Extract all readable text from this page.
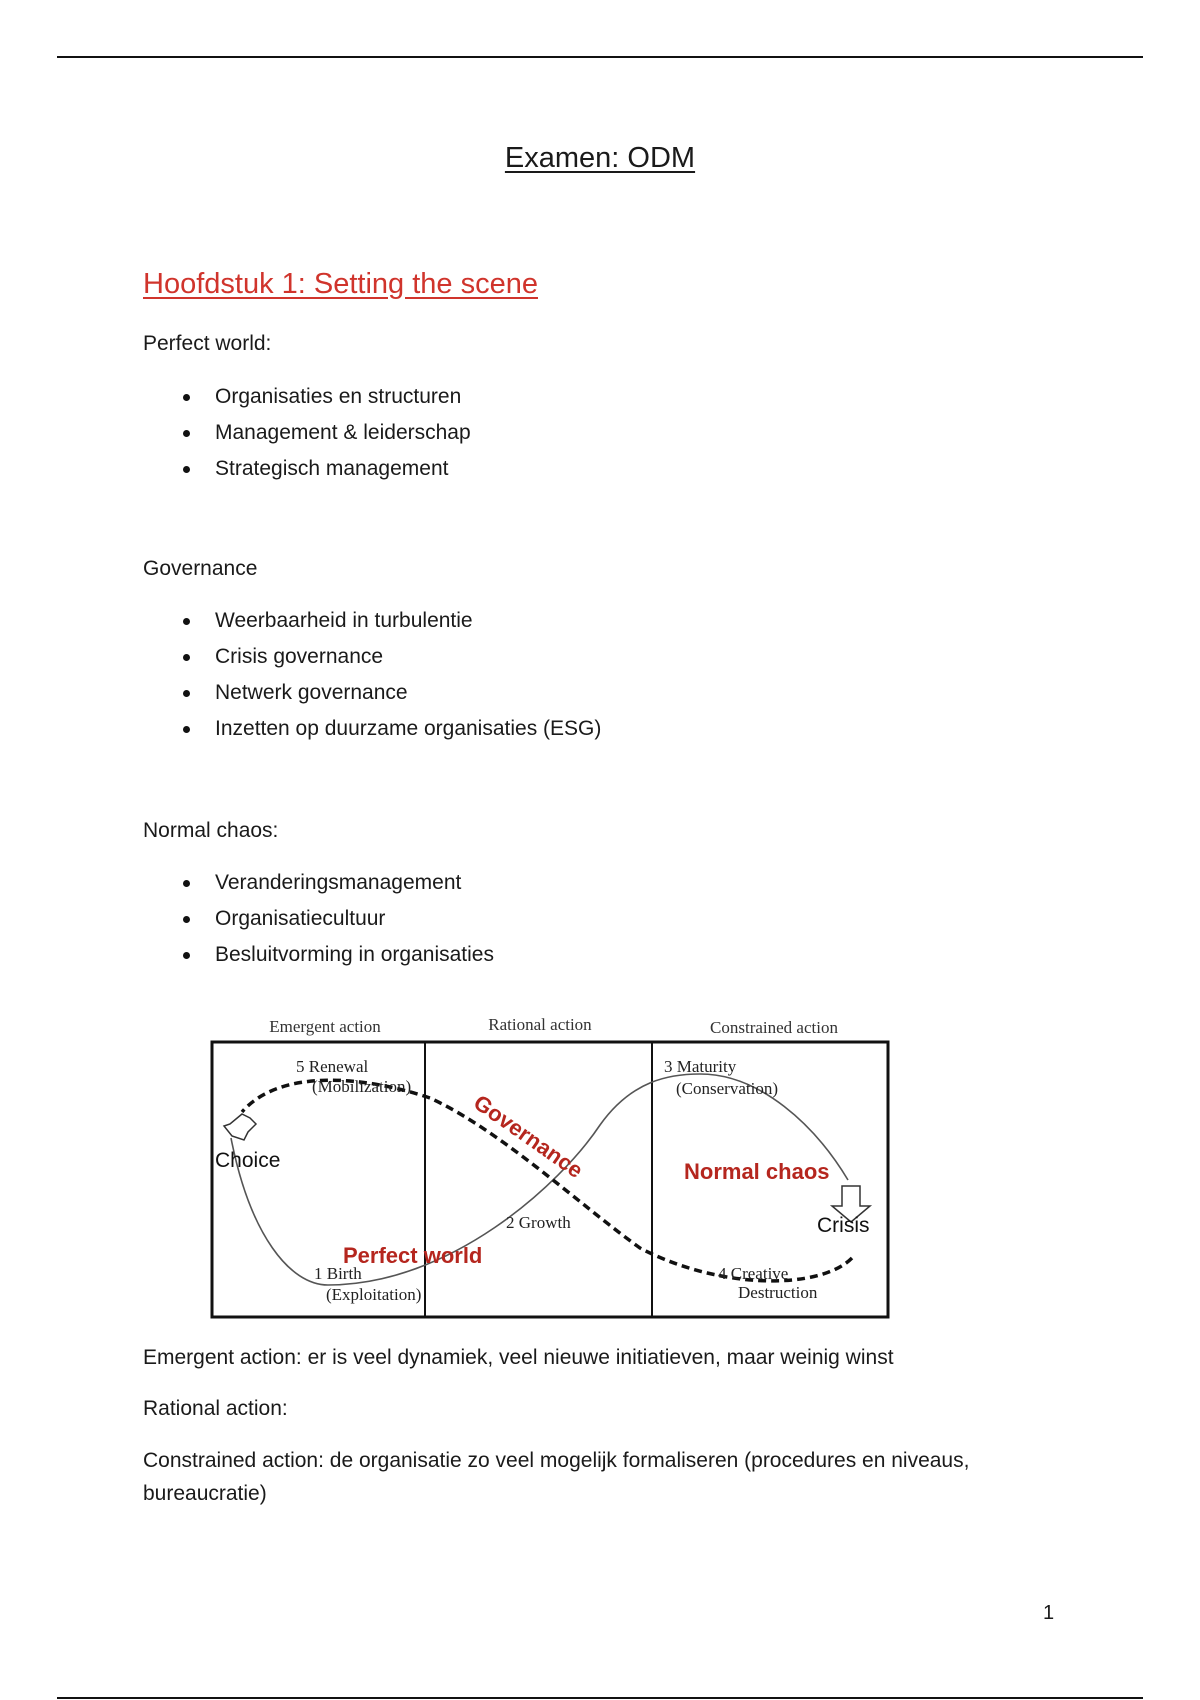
Examen: ODM
Hoofdstuk 1: Setting the scene
Perfect world:
Organisaties en structuren
Management & leiderschap
Strategisch management
Governance
Weerbaarheid in turbulentie
Crisis governance
Netwerk governance
Inzetten op duurzame organisaties (ESG)
Normal chaos:
Veranderingsmanagement
Organisatiecultuur
Besluitvorming in organisaties
Emergent action	Rational action	Constrained action
5 Renewal
(Mobilization)
3 Maturity
(Conservation)
2 Growth
1 Birth
(Exploitation)
4 Creative
Destruction
Choice
Crisis
Governance	Normal chaos
Perfect world
Emergent action: er is veel dynamiek, veel nieuwe initiatieven, maar weinig winst
Rational action:
Constrained action: de organisatie zo veel mogelijk formaliseren (procedures en niveaus, bureaucratie)
1
